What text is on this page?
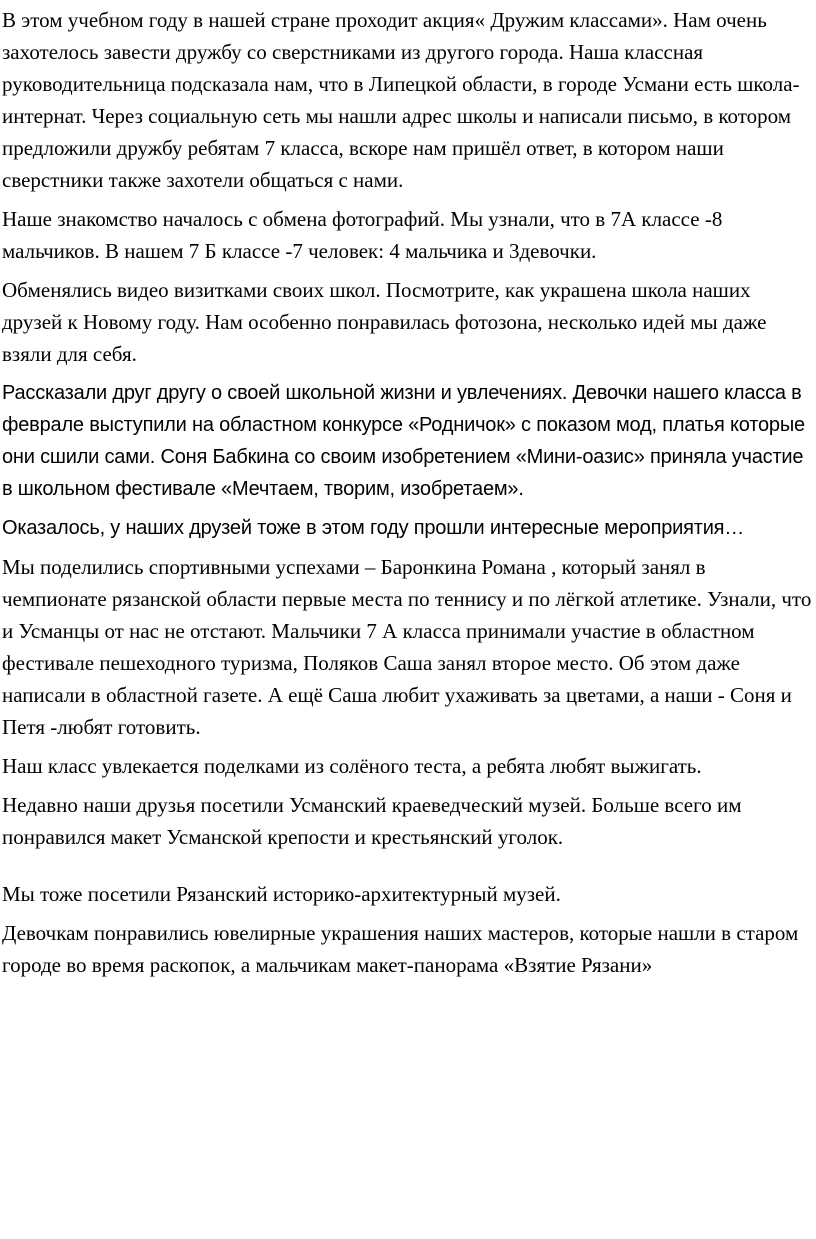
В этом учебном году в нашей стране проходит акция« Дружим классами». Нам очень захотелось завести дружбу со сверстниками из другого города. Наша классная руководительница подсказала нам, что в Липецкой области, в городе Усмани есть школа- интернат. Через социальную сеть мы нашли адрес школы и написали письмо, в котором предложили дружбу ребятам 7 класса, вскоре нам пришёл ответ, в котором наши сверстники также захотели общаться с нами.

Наше знакомство началось с обмена фотографий. Мы узнали, что в 7А классе -8 мальчиков. В нашем 7 Б классе -7 человек: 4 мальчика и 3девочки.

Обменялись видео визитками своих школ. Посмотрите, как украшена школа наших друзей к Новому году. Нам особенно понравилась фотозона, несколько идей мы даже взяли для себя.

Рассказали друг другу о своей школьной жизни и увлечениях. Девочки нашего класса в феврале выступили на областном конкурсе «Родничок» с показом мод, платья которые они сшили сами. Соня Бабкина со своим изобретением «Мини-оазис» приняла участие в школьном фестивале «Мечтаем, творим, изобретаем».

Оказалось, у наших друзей тоже в этом году прошли интересные мероприятия…

Мы поделились спортивными успехами – Баронкина Романа , который занял в чемпионате рязанской области первые места по теннису и по лёгкой атлетике. Узнали, что и Усманцы от нас не отстают. Мальчики 7 А класса принимали участие в областном фестивале пешеходного туризма, Поляков Саша занял второе место. Об этом даже написали в областной газете. А ещё Саша любит ухаживать за цветами, а наши - Соня и Петя -любят готовить.

Наш класс увлекается поделками из солёного теста, а ребята любят выжигать.

Недавно наши друзья посетили Усманский краеведческий музей. Больше всего им понравился макет Усманской крепости и крестьянский уголок.

Мы тоже посетили Рязанский историко-архитектурный музей.

Девочкам понравились ювелирные украшения наших мастеров, которые нашли в старом городе во время раскопок, а мальчикам макет-панорама «Взятие Рязани»
